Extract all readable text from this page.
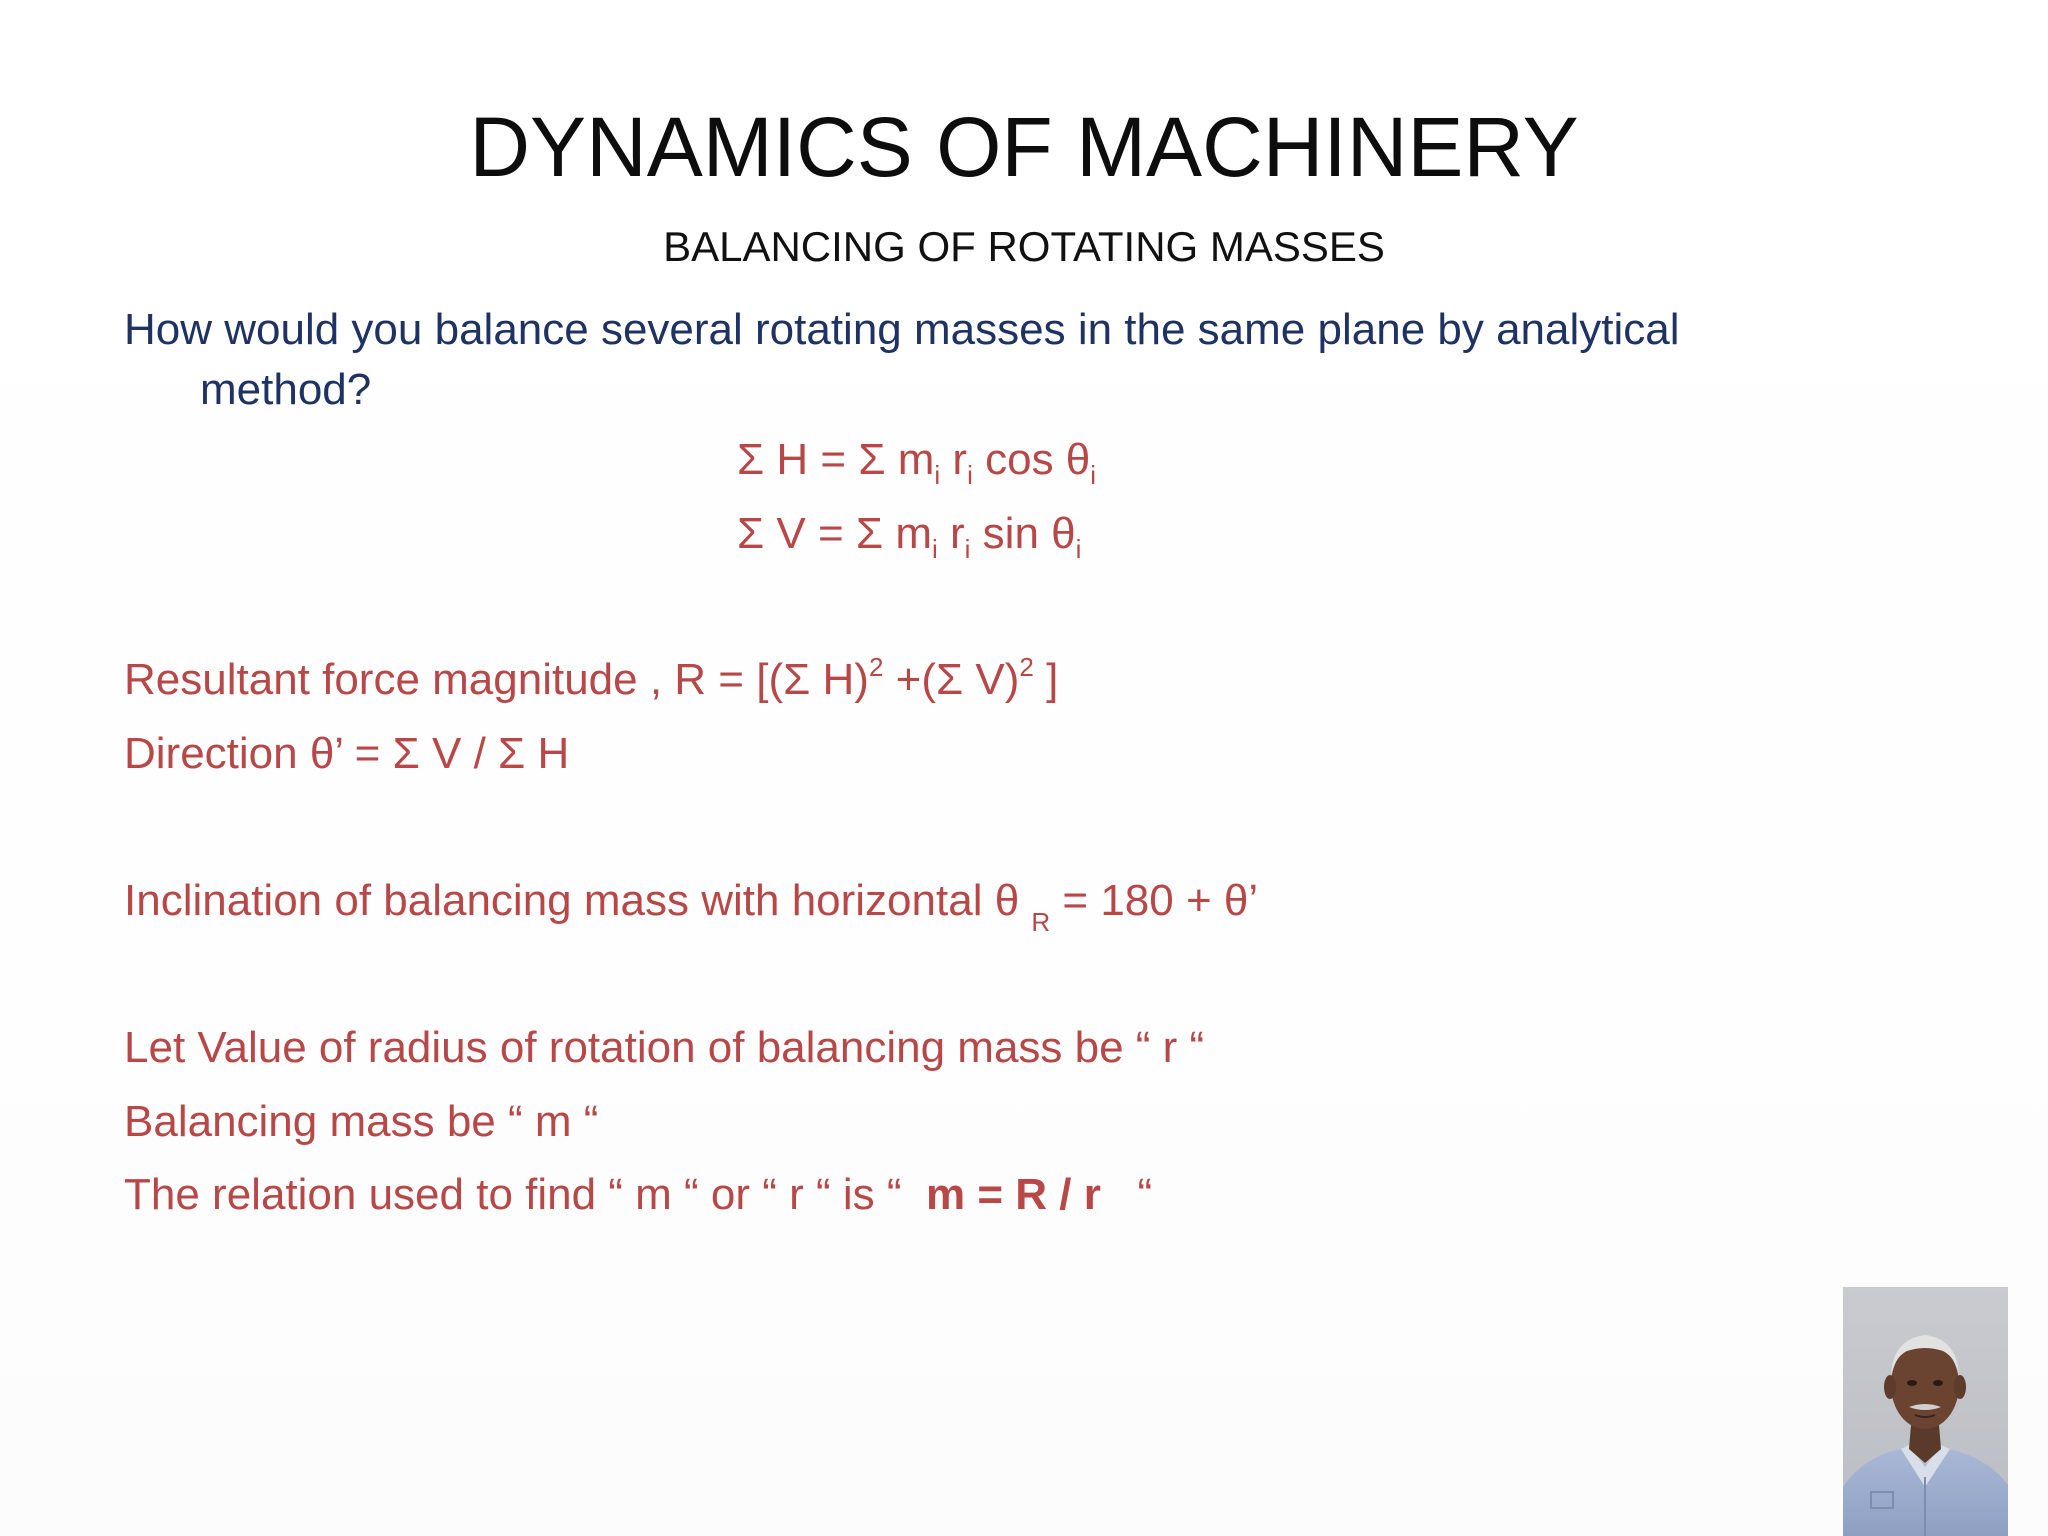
DYNAMICS OF MACHINERY
BALANCING OF ROTATING MASSES
How would you balance several rotating masses in the same plane by analytical
method?
Σ H = Σ $m_i$ $r_i$ $\cos \theta_i$
Σ V = Σ $m_i$ $r_i$ $\sin \theta_i$
Resultant force magnitude , R = [(Σ H)$^2$ +(Σ V)$^2$ ]
Direction θ’ = Σ V / Σ H
Inclination of balancing mass with horizontal θ $_R$ = 180 + θ’
Let Value of radius of rotation of balancing mass be “ r “
Balancing mass be “ m “
The relation used to find “ m “ or “ r “ is “  m = R / r   “
